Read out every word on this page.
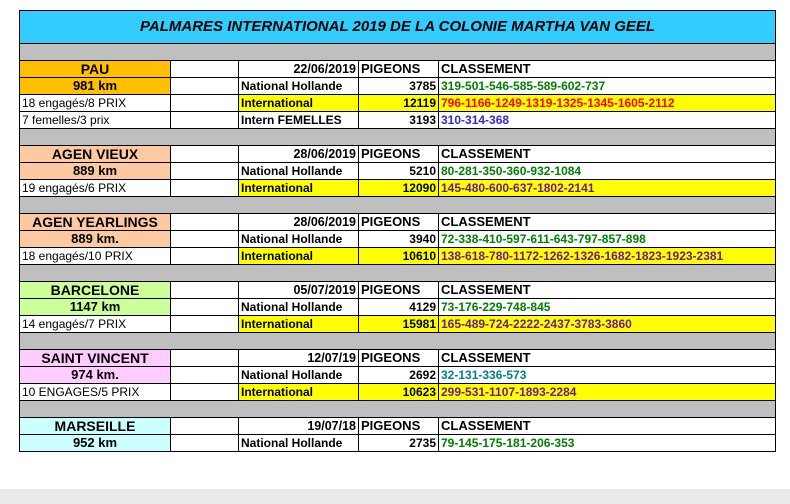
PALMARES INTERNATIONAL 2019 DE LA COLONIE MARTHA VAN GEEL				

PAU		22/06/2019	PIGEONS	CLASSEMENT
981 km		National Hollande	3785	319-501-546-585-589-602-737
18 engagés/8 PRIX		International	12119	796-1166-1249-1319-1325-1345-1605-2112
7 femelles/3 prix		Intern FEMELLES	3193	310-314-368

AGEN VIEUX		28/06/2019	PIGEONS	CLASSEMENT
889 km		National Hollande	5210	80-281-350-360-932-1084
19 engagés/6 PRIX		International	12090	145-480-600-637-1802-2141

AGEN YEARLINGS		28/06/2019	PIGEONS	CLASSEMENT
889 km.		National Hollande	3940	72-338-410-597-611-643-797-857-898
18 engagés/10 PRIX		International	10610	138-618-780-1172-1262-1326-1682-1823-1923-2381

BARCELONE		05/07/2019	PIGEONS	CLASSEMENT
1147 km		National Hollande	4129	73-176-229-748-845
14 engagés/7 PRIX		International	15981	165-489-724-2222-2437-3783-3860

SAINT VINCENT		12/07/19	PIGEONS	CLASSEMENT
974 km.		National Hollande	2692	32-131-336-573
10 ENGAGES/5 PRIX		International	10623	299-531-1107-1893-2284

MARSEILLE		19/07/18	PIGEONS	CLASSEMENT
952 km		National Hollande	2735	79-145-175-181-206-353
